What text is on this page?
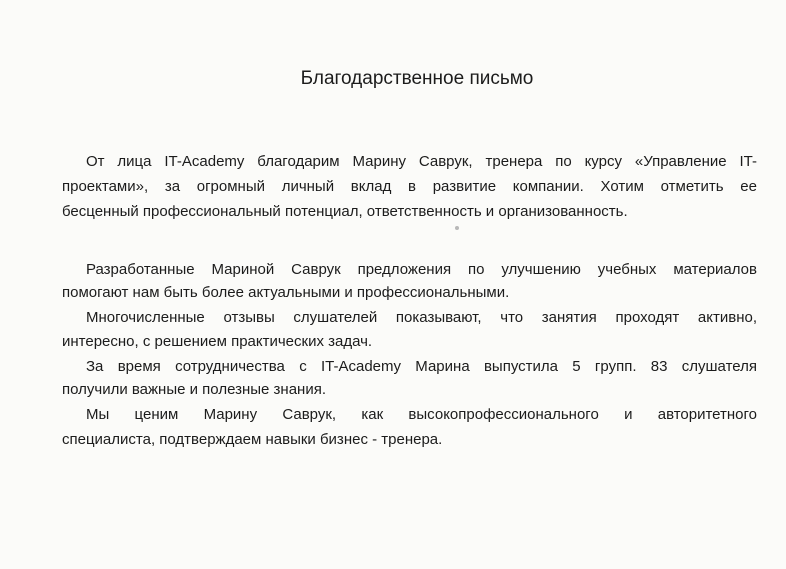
Благодарственное письмо
От лица IT-Academy благодарим Марину Саврук, тренера по курсу «Управление IT-
проектами», за огромный личный вклад в развитие компании. Хотим отметить ее
бесценный профессиональный потенциал, ответственность и организованность.
Разработанные Мариной Саврук предложения по улучшению учебных материалов
помогают нам быть более актуальными и профессиональными.
Многочисленные отзывы слушателей показывают, что занятия проходят активно,
интересно, с решением практических задач.
За время сотрудничества с IT-Academy Марина выпустила 5 групп. 83 слушателя
получили важные и полезные знания.
Мы ценим Марину Саврук, как высокопрофессионального и авторитетного
специалиста, подтверждаем навыки бизнес - тренера.
